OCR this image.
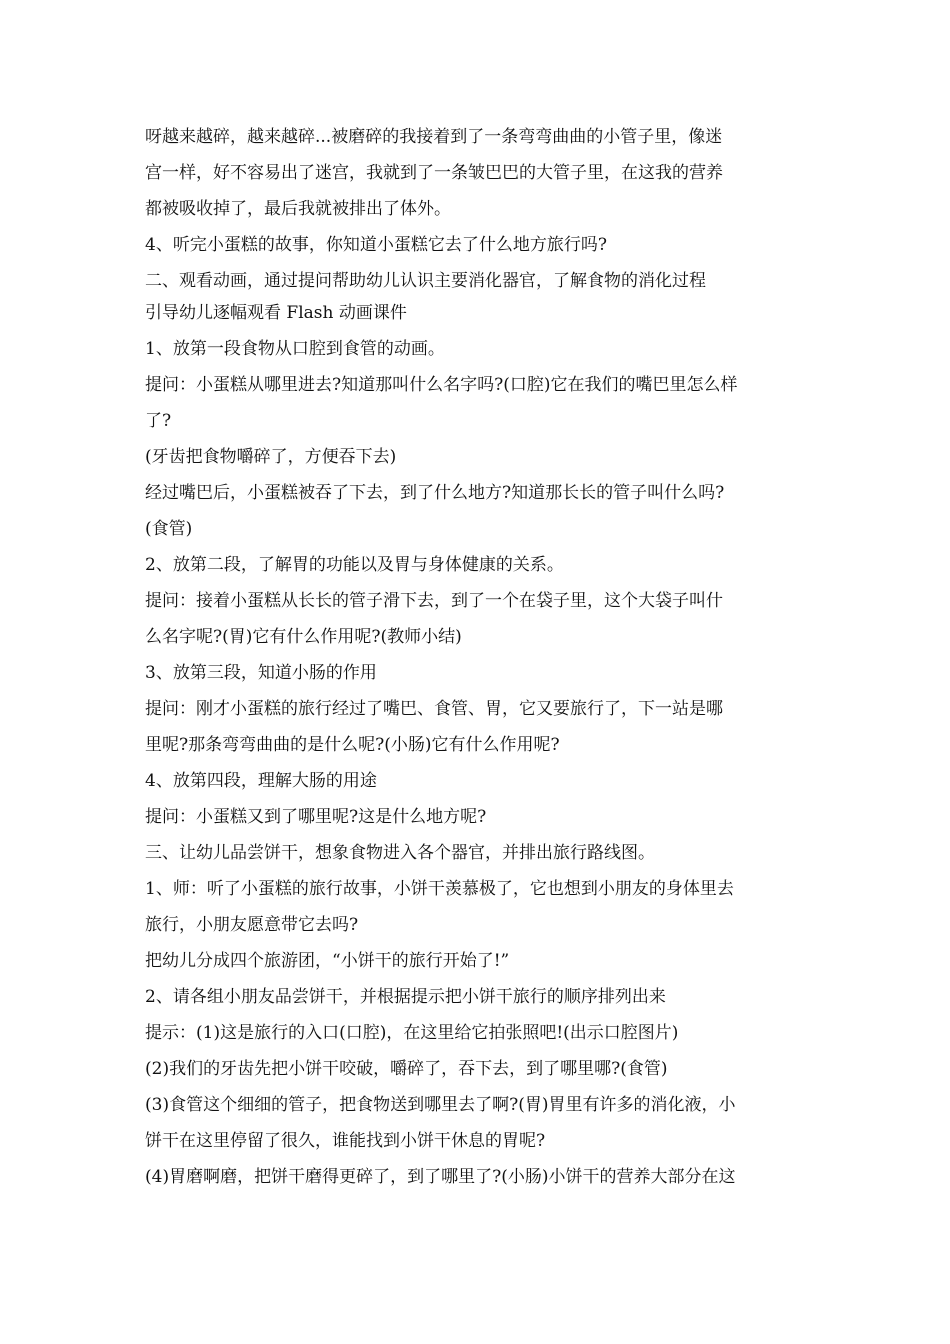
呀越来越碎，越来越碎...被磨碎的我接着到了一条弯弯曲曲的小管子里，像迷

宫一样，好不容易出了迷宫，我就到了一条皱巴巴的大管子里，在这我的营养

都被吸收掉了，最后我就被排出了体外。

4、听完小蛋糕的故事，你知道小蛋糕它去了什么地方旅行吗?

二、观看动画，通过提问帮助幼儿认识主要消化器官，了解食物的消化过程

引导幼儿逐幅观看 Flash 动画课件

1、放第一段食物从口腔到食管的动画。

提问：小蛋糕从哪里进去?知道那叫什么名字吗?(口腔)它在我们的嘴巴里怎么样

了?

(牙齿把食物嚼碎了，方便吞下去)

经过嘴巴后，小蛋糕被吞了下去，到了什么地方?知道那长长的管子叫什么吗?

(食管)

2、放第二段，了解胃的功能以及胃与身体健康的关系。

提问：接着小蛋糕从长长的管子滑下去，到了一个在袋子里，这个大袋子叫什

么名字呢?(胃)它有什么作用呢?(教师小结)

3、放第三段，知道小肠的作用

提问：刚才小蛋糕的旅行经过了嘴巴、食管、胃，它又要旅行了，下一站是哪

里呢?那条弯弯曲曲的是什么呢?(小肠)它有什么作用呢?

4、放第四段，理解大肠的用途

提问：小蛋糕又到了哪里呢?这是什么地方呢?

三、让幼儿品尝饼干，想象食物进入各个器官，并排出旅行路线图。

1、师：听了小蛋糕的旅行故事，小饼干羡慕极了，它也想到小朋友的身体里去

旅行，小朋友愿意带它去吗?

把幼儿分成四个旅游团，“小饼干的旅行开始了!”

2、请各组小朋友品尝饼干，并根据提示把小饼干旅行的顺序排列出来

提示：(1)这是旅行的入口(口腔)，在这里给它拍张照吧!(出示口腔图片)

(2)我们的牙齿先把小饼干咬破，嚼碎了，吞下去，到了哪里哪?(食管)

(3)食管这个细细的管子，把食物送到哪里去了啊?(胃)胃里有许多的消化液，小

饼干在这里停留了很久，谁能找到小饼干休息的胃呢?

(4)胃磨啊磨，把饼干磨得更碎了，到了哪里了?(小肠)小饼干的营养大部分在这
